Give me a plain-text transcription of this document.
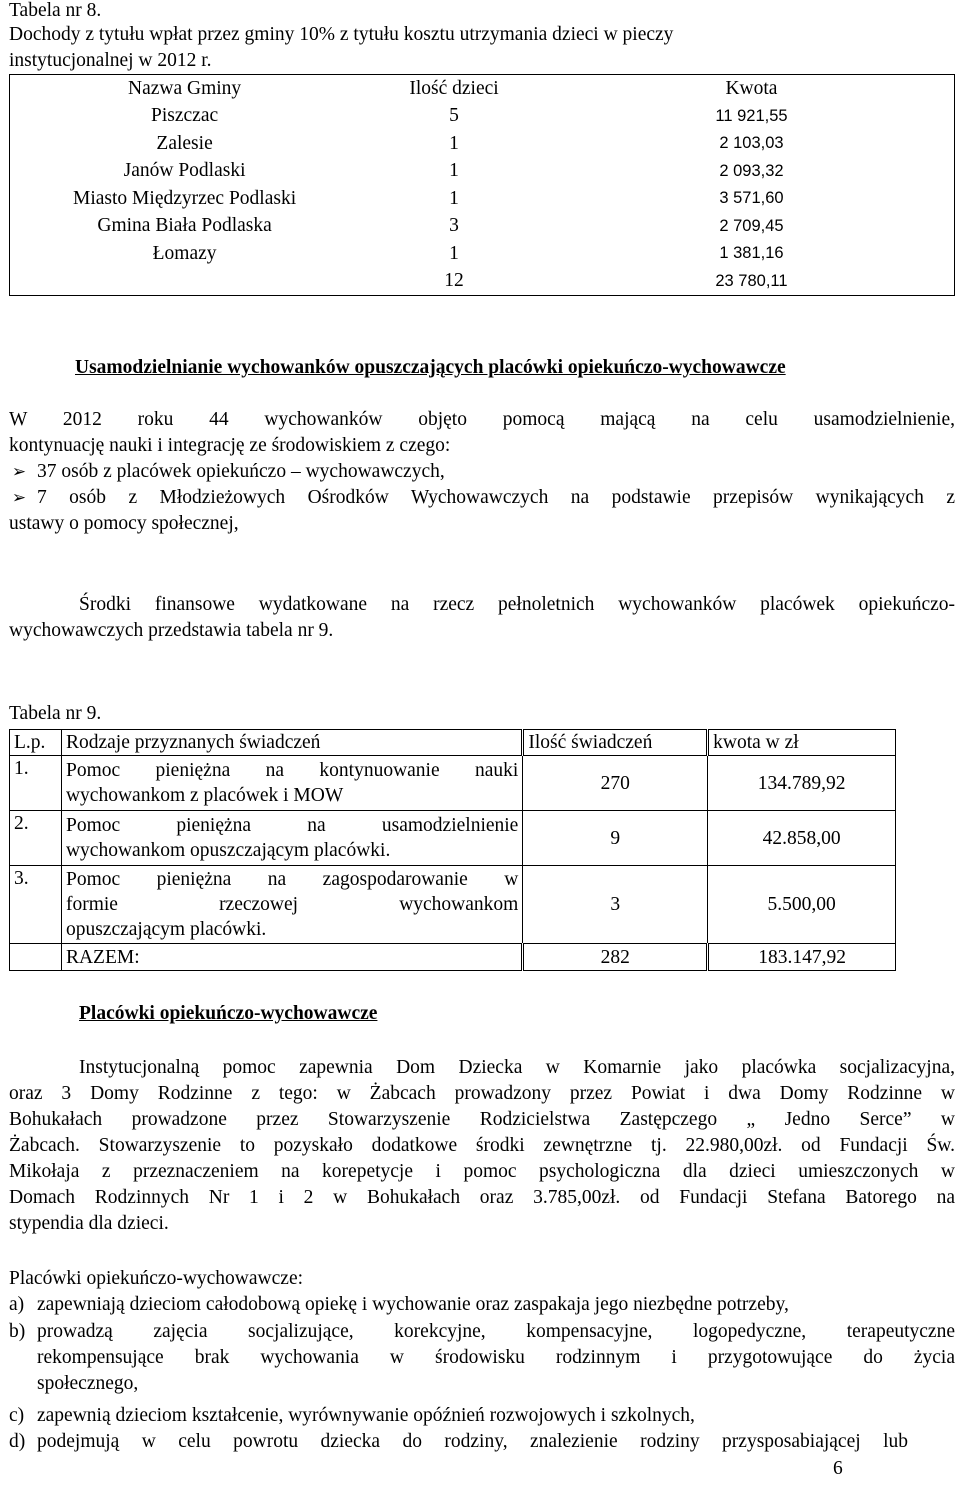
Tabela nr 8.
Dochody z tytułu wpłat przez gminy 10% z tytułu kosztu utrzymania dzieci w pieczy
instytucjonalnej w 2012 r.
Nazwa Gminy	Ilość dzieci	Kwota
Piszczac	5	11 921,55
Zalesie	1	2 103,03
Janów Podlaski	1	2 093,32
Miasto Międzyrzec Podlaski	1	3 571,60
Gmina Biała Podlaska	3	2 709,45
Łomazy	1	1 381,16
	12	23 780,11
Usamodzielnianie wychowanków opuszczających placówki opiekuńczo-wychowawcze
W 2012 roku 44 wychowanków objęto pomocą mającą na celu usamodzielnienie,
kontynuację nauki i integrację ze środowiskiem z czego:
➢ 37 osób z placówek opiekuńczo – wychowawczych,
➢ 7 osób z Młodzieżowych Ośrodków Wychowawczych na podstawie przepisów wynikających z
ustawy o pomocy społecznej,
Środki finansowe wydatkowane na rzecz pełnoletnich wychowanków placówek opiekuńczo-
wychowawczych przedstawia tabela nr 9.
Tabela nr 9.
L.p.	Rodzaje przyznanych świadczeń	Ilość świadczeń	kwota w zł
1.	Pomoc pieniężna na kontynuowanie nauki
wychowankom z placówek i MOW	270	134.789,92
2.	Pomoc pieniężna na usamodzielnienie
wychowankom opuszczającym placówki.	9	42.858,00
3.	Pomoc pieniężna na zagospodarowanie w
formie rzeczowej wychowankom
opuszczającym placówki.	3	5.500,00
	RAZEM:	282	183.147,92
Placówki opiekuńczo-wychowawcze
Instytucjonalną pomoc zapewnia Dom Dziecka w Komarnie jako placówka socjalizacyjna,
oraz 3 Domy Rodzinne z tego: w Żabcach prowadzony przez Powiat i dwa Domy Rodzinne w
Bohukałach prowadzone przez Stowarzyszenie Rodzicielstwa Zastępczego „ Jedno Serce” w
Żabcach. Stowarzyszenie to pozyskało dodatkowe środki zewnętrzne tj. 22.980,00zł. od Fundacji Św.
Mikołaja z przeznaczeniem na korepetycje i pomoc psychologiczna dla dzieci umieszczonych w
Domach Rodzinnych Nr 1 i 2 w Bohukałach oraz 3.785,00zł. od Fundacji Stefana Batorego na
stypendia dla dzieci.
Placówki opiekuńczo-wychowawcze:
a) zapewniają dzieciom całodobową opiekę i wychowanie oraz zaspakaja jego niezbędne potrzeby,
b) prowadzą zajęcia socjalizujące, korekcyjne, kompensacyjne, logopedyczne, terapeutyczne
rekompensujące brak wychowania w środowisku rodzinnym i przygotowujące do życia
społecznego,
c) zapewnią dzieciom kształcenie, wyrównywanie opóźnień rozwojowych i szkolnych,
d) podejmują w celu powrotu dziecka do rodziny, znalezienie rodziny przysposabiającej lub
6
